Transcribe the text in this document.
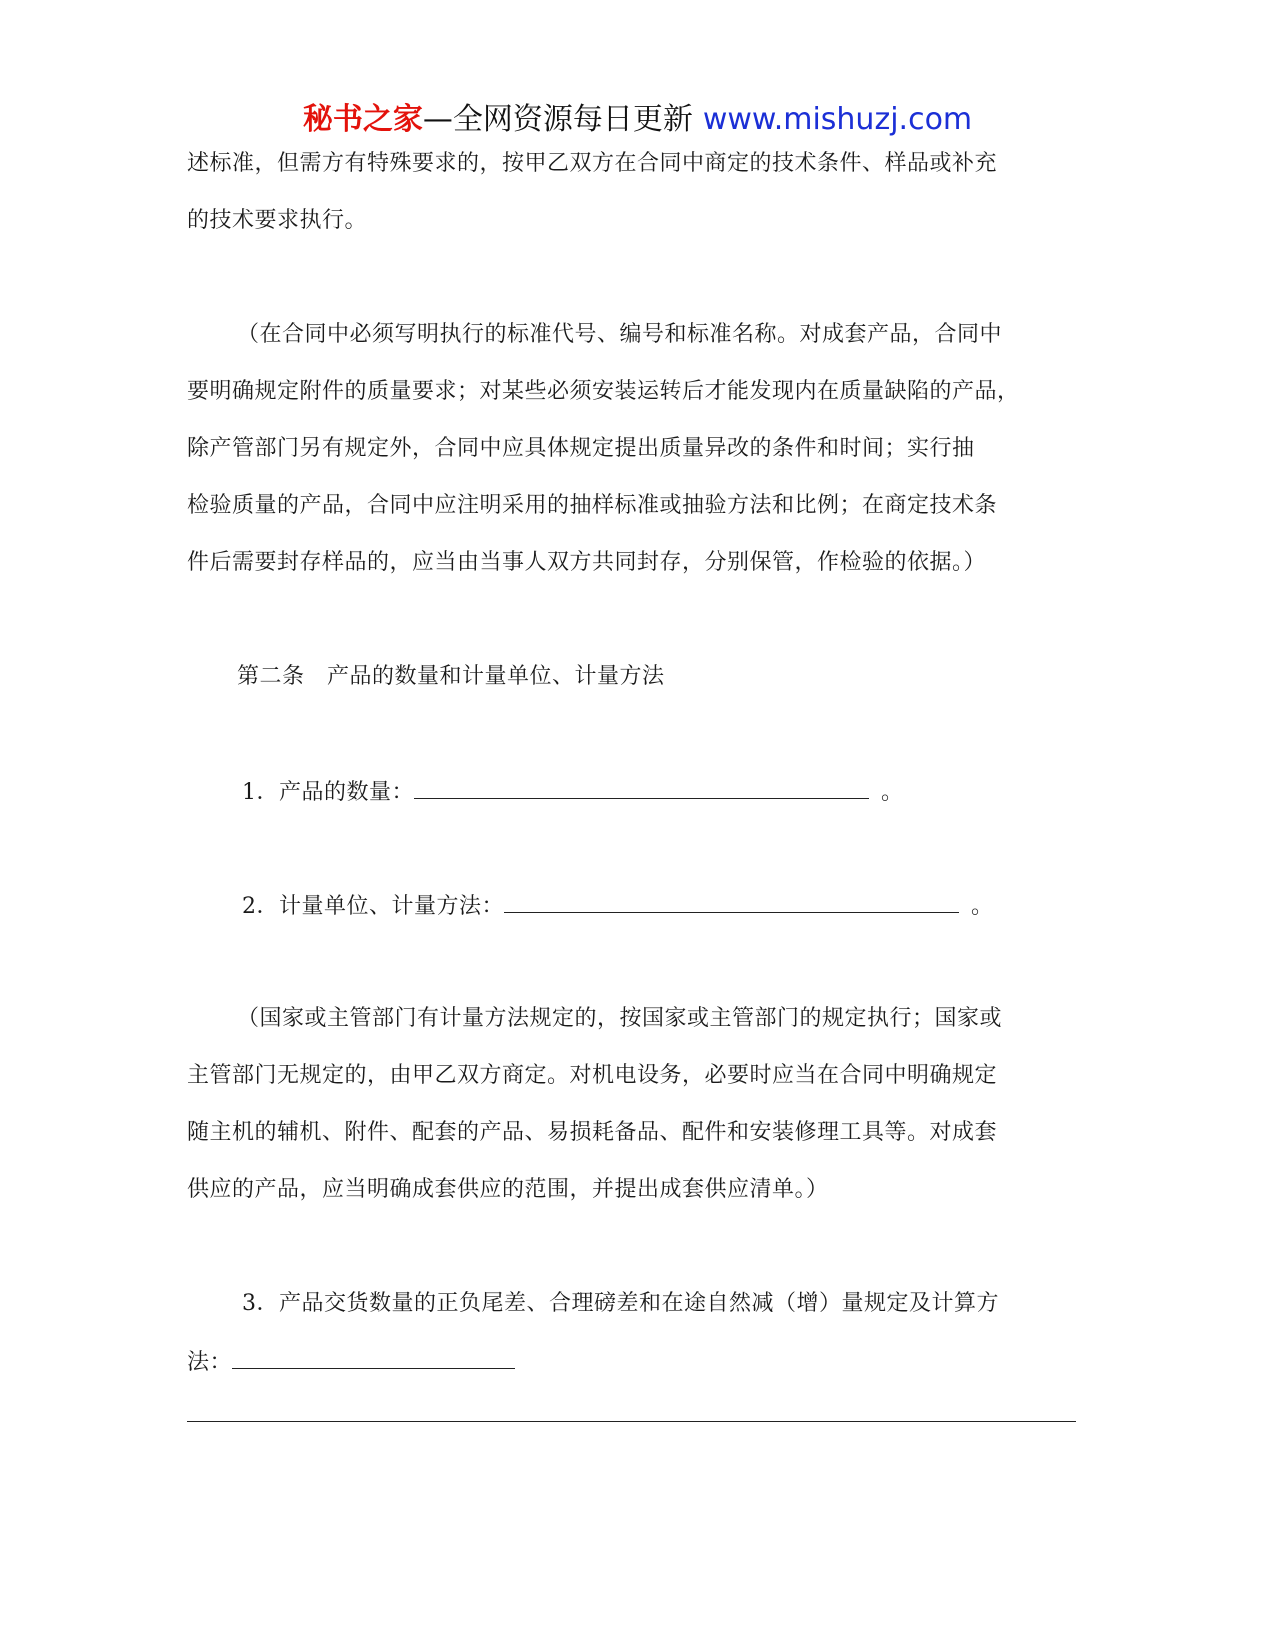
秘书之家—全网资源每日更新 www.mishuzj.com
述标准，但需方有特殊要求的，按甲乙双方在合同中商定的技术条件、样品或补充
的技术要求执行。
（在合同中必须写明执行的标准代号、编号和标准名称。对成套产品，合同中
要明确规定附件的质量要求；对某些必须安装运转后才能发现内在质量缺陷的产品，
除产管部门另有规定外，合同中应具体规定提出质量异改的条件和时间；实行抽
检验质量的产品，合同中应注明采用的抽样标准或抽验方法和比例；在商定技术条
件后需要封存样品的，应当由当事人双方共同封存，分别保管，作检验的依据。）
第二条　产品的数量和计量单位、计量方法
1．产品的数量：	。
2．计量单位、计量方法：	。
（国家或主管部门有计量方法规定的，按国家或主管部门的规定执行；国家或
主管部门无规定的，由甲乙双方商定。对机电设务，必要时应当在合同中明确规定
随主机的辅机、附件、配套的产品、易损耗备品、配件和安装修理工具等。对成套
供应的产品，应当明确成套供应的范围，并提出成套供应清单。）
3．产品交货数量的正负尾差、合理磅差和在途自然减（增）量规定及计算方
法：
